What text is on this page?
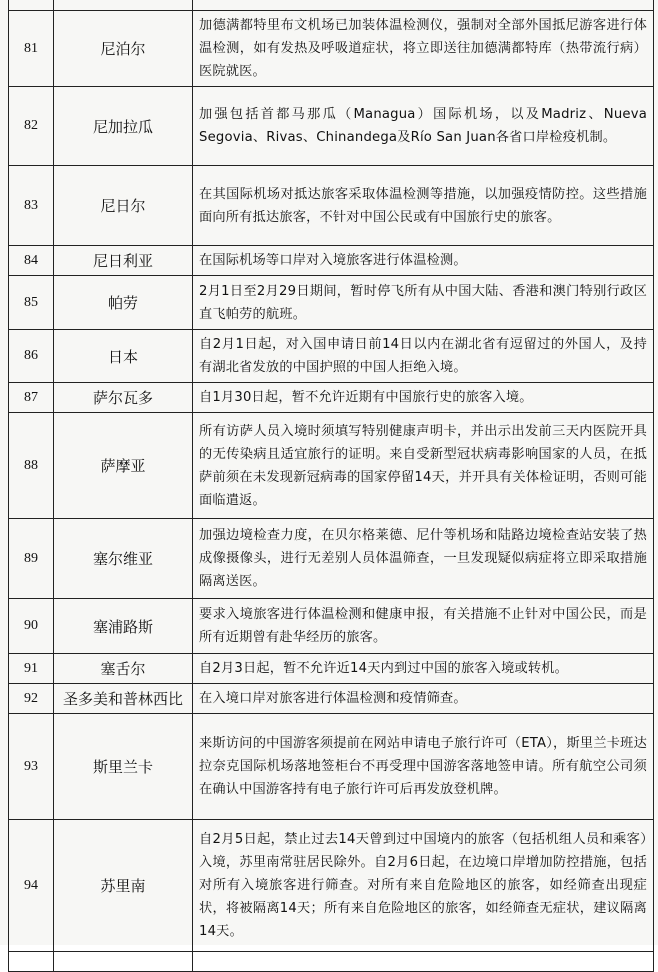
81	尼泊尔	加德满都特里布文机场已加装体温检测仪，强制对全部外国抵尼游客进行体温检测，如有发热及呼吸道症状，将立即送往加德满都特库（热带流行病）医院就医。
82	尼加拉瓜	加强包括首都马那瓜（Managua）国际机场，以及Madriz、Nueva Segovia、Rivas、Chinandega及Río San Juan各省口岸检疫机制。
83	尼日尔	在其国际机场对抵达旅客采取体温检测等措施，以加强疫情防控。这些措施面向所有抵达旅客，不针对中国公民或有中国旅行史的旅客。
84	尼日利亚	在国际机场等口岸对入境旅客进行体温检测。
85	帕劳	2月1日至2月29日期间，暂时停飞所有从中国大陆、香港和澳门特别行政区直飞帕劳的航班。
86	日本	自2月1日起，对入国申请日前14日以内在湖北省有逗留过的外国人，及持有湖北省发放的中国护照的中国人拒绝入境。
87	萨尔瓦多	自1月30日起，暂不允许近期有中国旅行史的旅客入境。
88	萨摩亚	所有访萨人员入境时须填写特别健康声明卡，并出示出发前三天内医院开具的无传染病且适宜旅行的证明。来自受新型冠状病毒影响国家的人员，在抵萨前须在未发现新冠病毒的国家停留14天，并开具有关体检证明，否则可能面临遣返。
89	塞尔维亚	加强边境检查力度，在贝尔格莱德、尼什等机场和陆路边境检查站安装了热成像摄像头，进行无差别人员体温筛查，一旦发现疑似病症将立即采取措施隔离送医。
90	塞浦路斯	要求入境旅客进行体温检测和健康申报，有关措施不止针对中国公民，而是所有近期曾有赴华经历的旅客。
91	塞舌尔	自2月3日起，暂不允许近14天内到过中国的旅客入境或转机。
92	圣多美和普林西比	在入境口岸对旅客进行体温检测和疫情筛查。
93	斯里兰卡	来斯访问的中国游客须提前在网站申请电子旅行许可（ETA），斯里兰卡班达拉奈克国际机场落地签柜台不再受理中国游客落地签申请。所有航空公司须在确认中国游客持有电子旅行许可后再发放登机牌。
94	苏里南	自2月5日起，禁止过去14天曾到过中国境内的旅客（包括机组人员和乘客）入境，苏里南常驻居民除外。自2月6日起，在边境口岸增加防控措施，包括对所有入境旅客进行筛查。对所有来自危险地区的旅客，如经筛查出现症状，将被隔离14天；所有来自危险地区的旅客，如经筛查无症状，建议隔离14天。
